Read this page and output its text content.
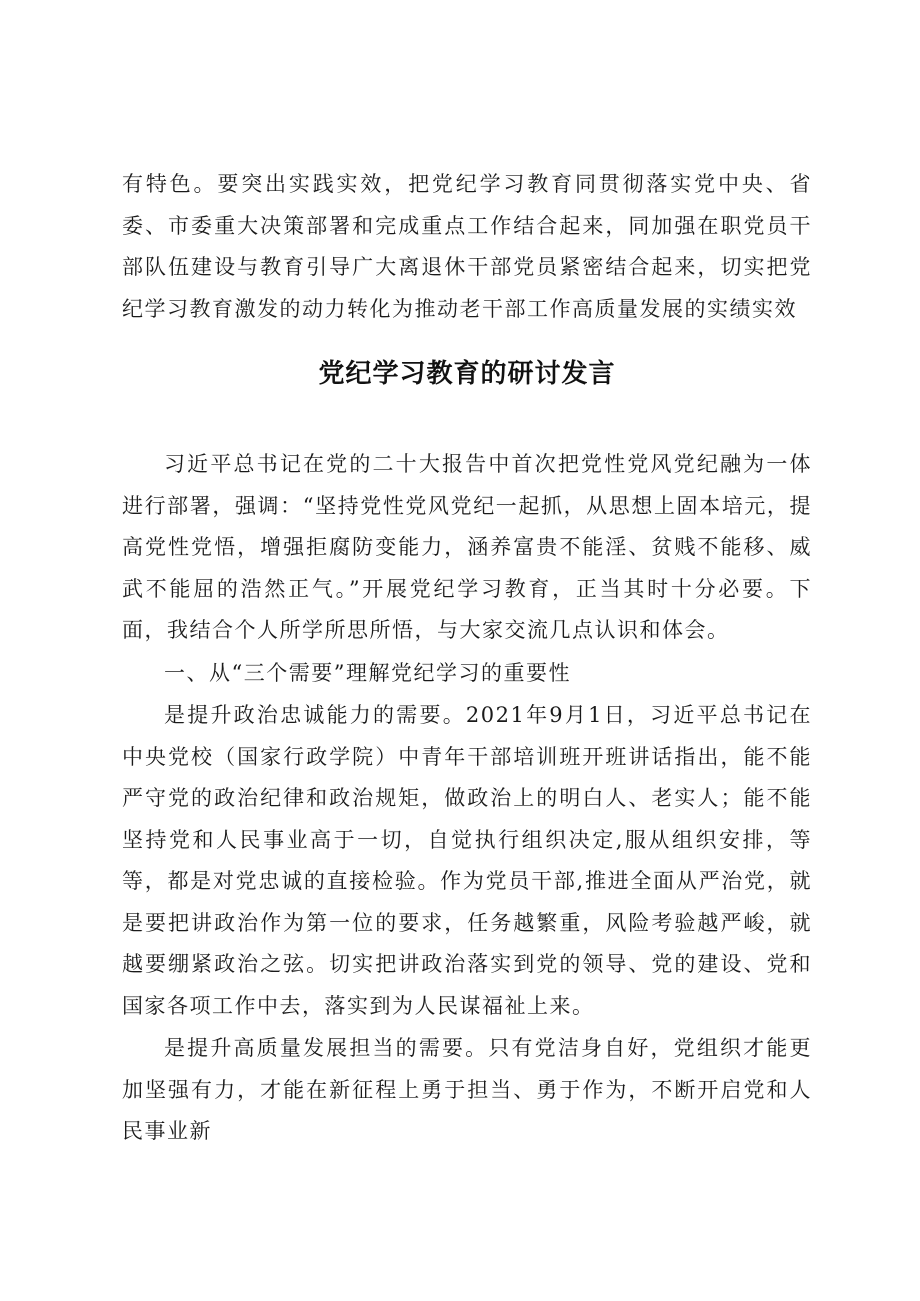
有特色。要突出实践实效，把党纪学习教育同贯彻落实党中央、省委、市委重大决策部署和完成重点工作结合起来，同加强在职党员干部队伍建设与教育引导广大离退休干部党员紧密结合起来，切实把党纪学习教育激发的动力转化为推动老干部工作高质量发展的实绩实效

党纪学习教育的研讨发言

习近平总书记在党的二十大报告中首次把党性党风党纪融为一体进行部署，强调：“坚持党性党风党纪一起抓，从思想上固本培元，提高党性党悟，增强拒腐防变能力，涵养富贵不能淫、贫贱不能移、威武不能屈的浩然正气。”开展党纪学习教育，正当其时十分必要。下面，我结合个人所学所思所悟，与大家交流几点认识和体会。

一、从“三个需要”理解党纪学习的重要性

是提升政治忠诚能力的需要。2021年9月1日，习近平总书记在中央党校（国家行政学院）中青年干部培训班开班讲话指出，能不能严守党的政治纪律和政治规矩，做政治上的明白人、老实人；能不能坚持党和人民事业高于一切，自觉执行组织决定,服从组织安排，等等，都是对党忠诚的直接检验。作为党员干部,推进全面从严治党，就是要把讲政治作为第一位的要求，任务越繁重，风险考验越严峻，就越要绷紧政治之弦。切实把讲政治落实到党的领导、党的建设、党和国家各项工作中去，落实到为人民谋福祉上来。

是提升高质量发展担当的需要。只有党洁身自好，党组织才能更加坚强有力，才能在新征程上勇于担当、勇于作为，不断开启党和人民事业新
